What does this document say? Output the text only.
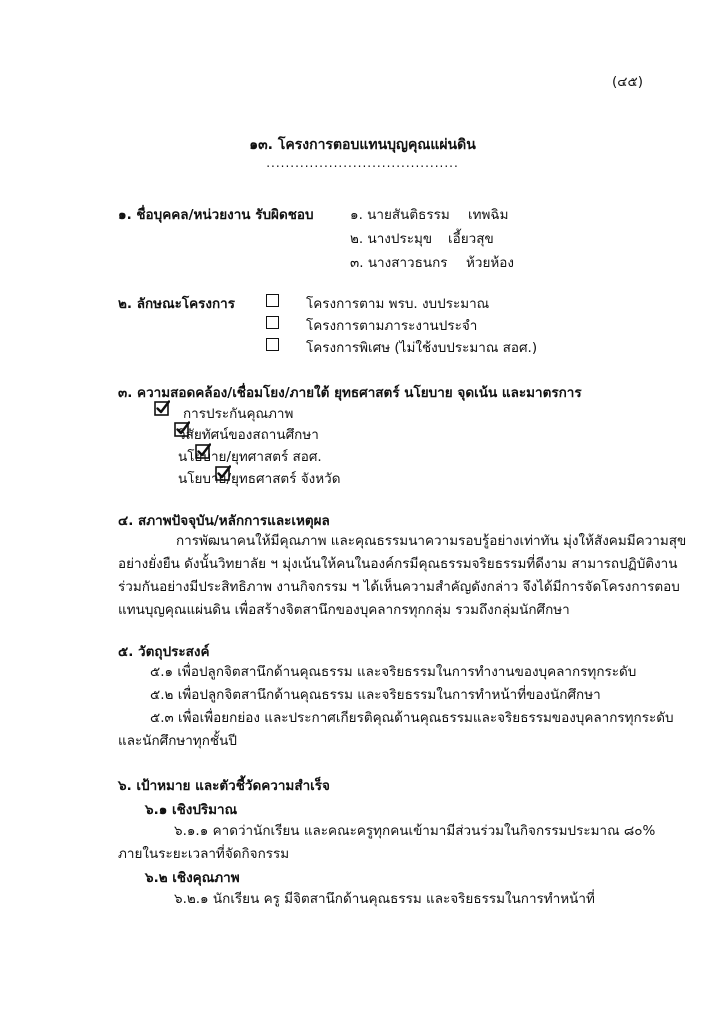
(๔๕)
๑๓. โครงการตอบแทนบุญคุณแผ่นดิน
........................................
๑. ชื่อบุคคล/หน่วยงาน รับผิดชอบ	๑. นายสันติธรรม เทพฉิม
๒. นางประมุข เอี้ยวสุข
๓. นางสาวธนกร ห้วยห้อง
๒. ลักษณะโครงการ	โครงการตาม พรบ. งบประมาณ
โครงการตามภาระงานประจำ
โครงการพิเศษ (ไม่ใช้งบประมาณ สอศ.)
๓. ความสอดคล้อง/เชื่อมโยง/ภายใต้ ยุทธศาสตร์ นโยบาย จุดเน้น และมาตรการ

การประกันคุณภาพ

วิสัยทัศน์ของสถานศึกษา

นโยบาย/ยุทศาสตร์ สอศ.
นโยบาย/ยุทธศาสตร์ จังหวัด
๔. สภาพปัจจุบัน/หลักการและเหตุผล
การพัฒนาคนให้มีคุณภาพ และคุณธรรมนาความรอบรู้อย่างเท่าทัน มุ่งให้สังคมมีความสุข
อย่างยั่งยืน ดังนั้นวิทยาลัย ฯ มุ่งเน้นให้คนในองค์กรมีคุณธรรมจริยธรรมที่ดีงาม สามารถปฏิบัติงาน
ร่วมกันอย่างมีประสิทธิภาพ งานกิจกรรม ฯ ได้เห็นความสำคัญดังกล่าว จึงได้มีการจัดโครงการตอบ
แทนบุญคุณแผ่นดิน เพื่อสร้างจิตสานึกของบุคลากรทุกกลุ่ม รวมถึงกลุ่มนักศึกษา
๕. วัตถุประสงค์
๕.๑ เพื่อปลูกจิตสานึกด้านคุณธรรม และจริยธรรมในการทำงานของบุคลากรทุกระดับ
๕.๒ เพื่อปลูกจิตสานึกด้านคุณธรรม และจริยธรรมในการทำหน้าที่ของนักศึกษา
๕.๓ เพื่อเพื่อยกย่อง และประกาศเกียรติคุณด้านคุณธรรมและจริยธรรมของบุคลากรทุกระดับ
และนักศึกษาทุกชั้นปี
๖. เป้าหมาย และตัวชี้วัดความสำเร็จ
๖.๑ เชิงปริมาณ
๖.๑.๑ คาดว่านักเรียน และคณะครูทุกคนเข้ามามีส่วนร่วมในกิจกรรมประมาณ ๘๐%
ภายในระยะเวลาที่จัดกิจกรรม
๖.๒ เชิงคุณภาพ
๖.๒.๑ นักเรียน ครู มีจิตสานึกด้านคุณธรรม และจริยธรรมในการทำหน้าที่
